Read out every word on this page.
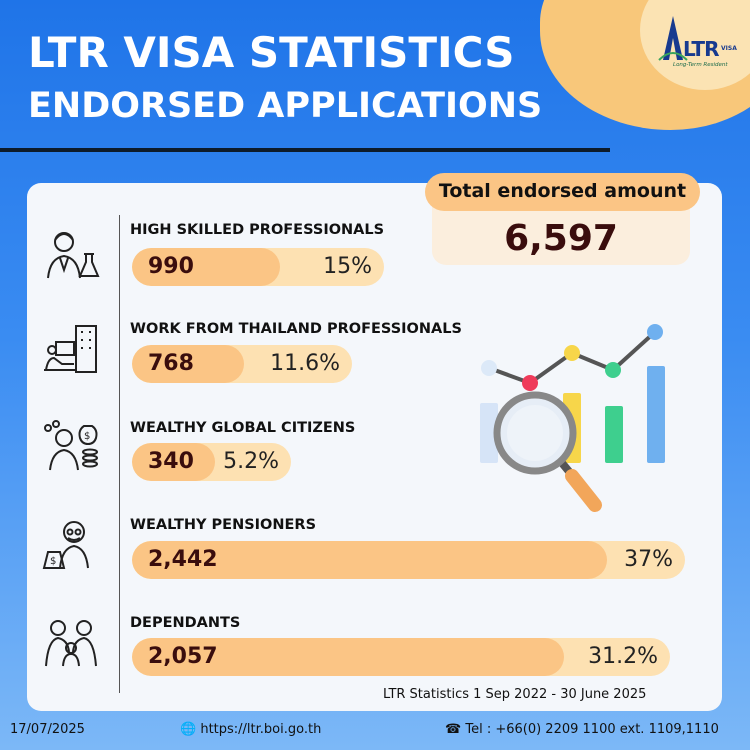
LTR VISA
Long-Term Resident
LTR VISA STATISTICS
ENDORSED APPLICATIONS
Total endorsed amount
6,597
$
$
HIGH SKILLED PROFESSIONALS
WORK FROM THAILAND PROFESSIONALS
WEALTHY GLOBAL CITIZENS
WEALTHY PENSIONERS
DEPENDANTS
990	15%
768	11.6%
340 5.2%
2,442	37%
2,057	31.2%
LTR Statistics 1 Sep 2022 - 30 June 2025
17/07/2025	🌐 https://ltr.boi.go.th	☎ Tel : +66(0) 2209 1100 ext. 1109,1110
